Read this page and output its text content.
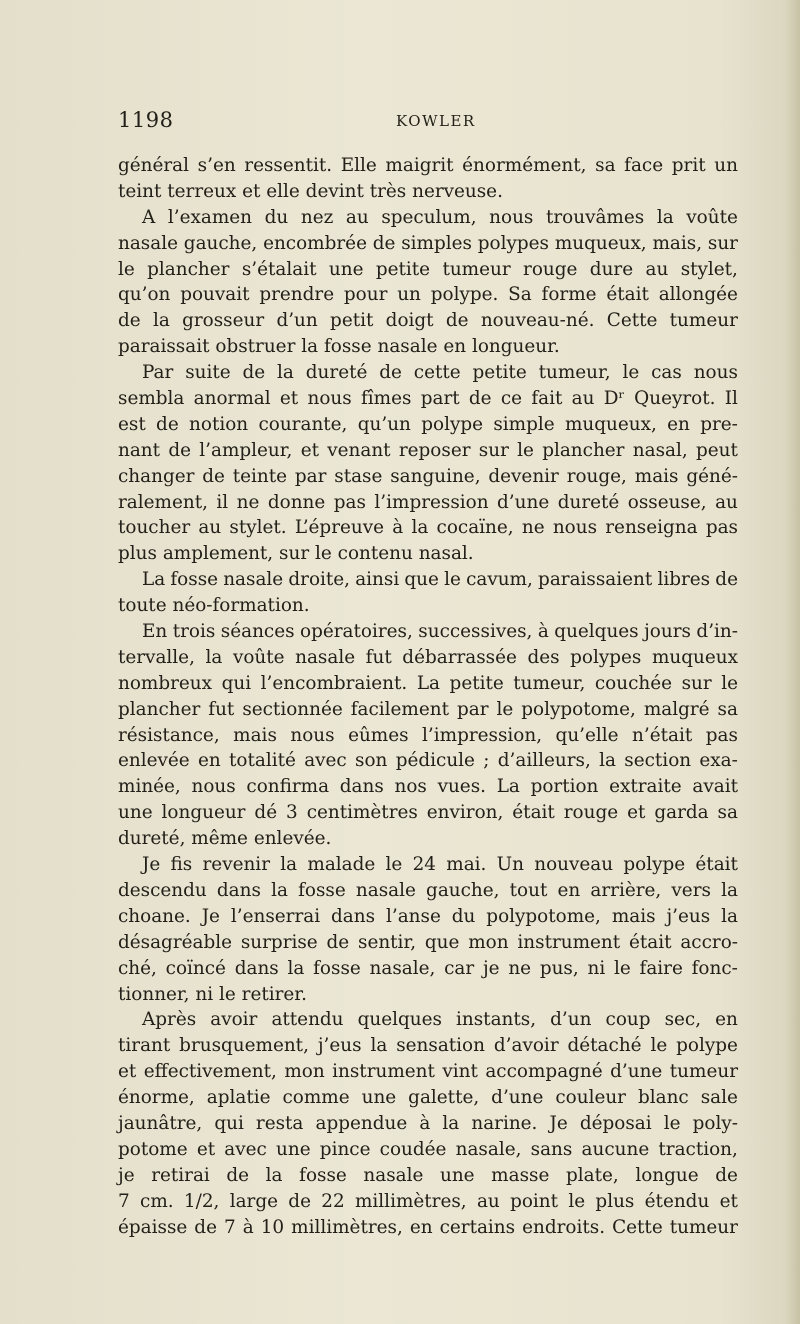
1198	KOWLER
général s’en ressentit. Elle maigrit énormément, sa face prit un
teint terreux et elle devint très nerveuse.
A l’examen du nez au speculum, nous trouvâmes la voûte
nasale gauche, encombrée de simples polypes muqueux, mais, sur
le plancher s’étalait une petite tumeur rouge dure au stylet,
qu’on pouvait prendre pour un polype. Sa forme était allongée
de la grosseur d’un petit doigt de nouveau-né. Cette tumeur
paraissait obstruer la fosse nasale en longueur.
Par suite de la dureté de cette petite tumeur, le cas nous
sembla anormal et nous fîmes part de ce fait au Dʳ Queyrot. Il
est de notion courante, qu’un polype simple muqueux, en pre-
nant de l’ampleur, et venant reposer sur le plancher nasal, peut
changer de teinte par stase sanguine, devenir rouge, mais géné-
ralement, il ne donne pas l’impression d’une dureté osseuse, au
toucher au stylet. L’épreuve à la cocaïne, ne nous renseigna pas
plus amplement, sur le contenu nasal.
La fosse nasale droite, ainsi que le cavum, paraissaient libres de
toute néo-formation.
En trois séances opératoires, successives, à quelques jours d’in-
tervalle, la voûte nasale fut débarrassée des polypes muqueux
nombreux qui l’encombraient. La petite tumeur, couchée sur le
plancher fut sectionnée facilement par le polypotome, malgré sa
résistance, mais nous eûmes l’impression, qu’elle n’était pas
enlevée en totalité avec son pédicule ; d’ailleurs, la section exa-
minée, nous confirma dans nos vues. La portion extraite avait
une longueur dé 3 centimètres environ, était rouge et garda sa
dureté, même enlevée.
Je fis revenir la malade le 24 mai. Un nouveau polype était
descendu dans la fosse nasale gauche, tout en arrière, vers la
choane. Je l’enserrai dans l’anse du polypotome, mais j’eus la
désagréable surprise de sentir, que mon instrument était accro-
ché, coïncé dans la fosse nasale, car je ne pus, ni le faire fonc-
tionner, ni le retirer.
Après avoir attendu quelques instants, d’un coup sec, en
tirant brusquement, j’eus la sensation d’avoir détaché le polype
et effectivement, mon instrument vint accompagné d’une tumeur
énorme, aplatie comme une galette, d’une couleur blanc sale
jaunâtre, qui resta appendue à la narine. Je déposai le poly-
potome et avec une pince coudée nasale, sans aucune traction,
je retirai de la fosse nasale une masse plate, longue de
7 cm. 1/2, large de 22 millimètres, au point le plus étendu et
épaisse de 7 à 10 millimètres, en certains endroits. Cette tumeur
